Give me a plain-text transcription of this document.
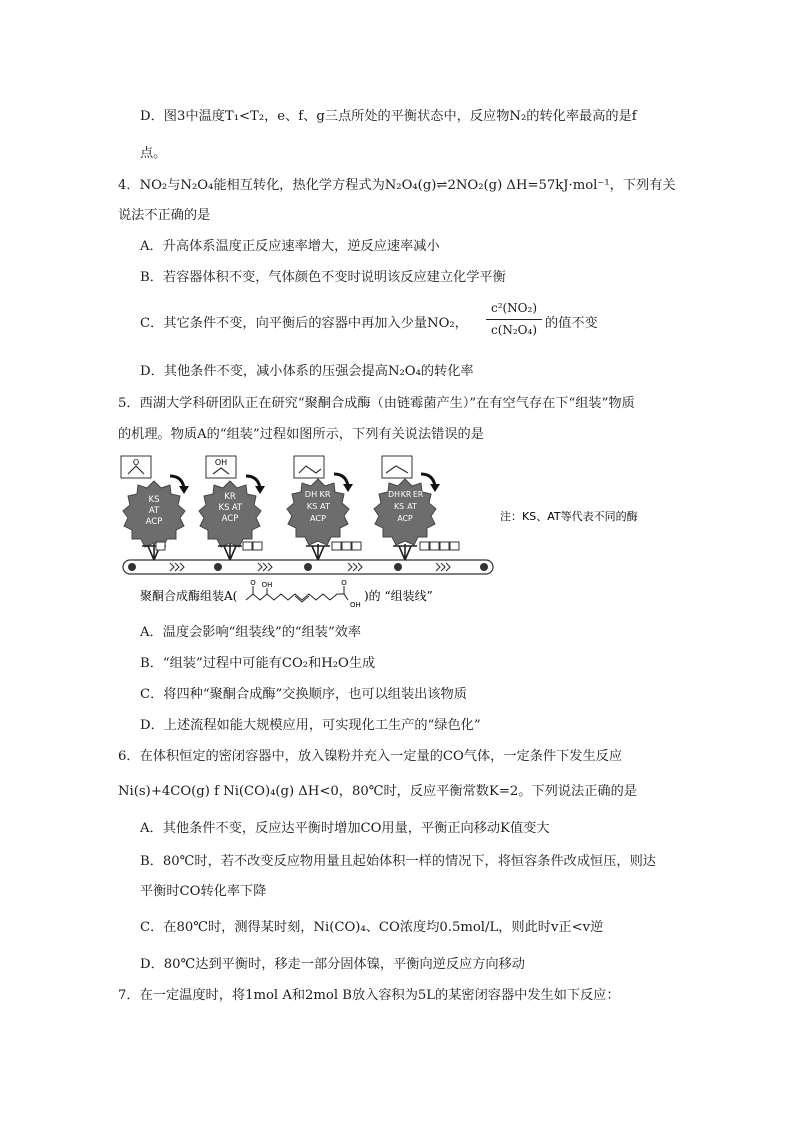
D．图3中温度T₁<T₂，e、f、g三点所处的平衡状态中，反应物N₂的转化率最高的是f
点。
4．NO₂与N₂O₄能相互转化，热化学方程式为N₂O₄(g)⇌2NO₂(g) ΔH=57kJ·mol⁻¹，下列有关
说法不正确的是
A．升高体系温度正反应速率增大，逆反应速率减小
B．若容器体积不变，气体颜色不变时说明该反应建立化学平衡
C．其它条件不变，向平衡后的容器中再加入少量NO₂，
c²(NO₂)
c(N₂O₄) 的值不变
D．其他条件不变，减小体系的压强会提高N₂O₄的转化率
5．西湖大学科研团队正在研究“聚酮合成酶（由链霉菌产生）”在有空气存在下“组装”物质
的机理。物质A的“组装”过程如图所示，下列有关说法错误的是
O
KS
AT
ACP
OH
KR
KS AT
ACP
DH KR
KS AT
ACP
DH KR ER
KS AT
ACP	注：KS、AT等代表不同的酶
聚酮合成酶组装A(
O OH	O
OH
)的 “组装线”
A．温度会影响“组装线”的“组装”效率
B．“组装”过程中可能有CO₂和H₂O生成
C．将四种“聚酮合成酶”交换顺序，也可以组装出该物质
D．上述流程如能大规模应用，可实现化工生产的“绿色化”
6．在体积恒定的密闭容器中，放入镍粉并充入一定量的CO气体，一定条件下发生反应
Ni(s)+4CO(g) f Ni(CO)₄(g) ΔH<0，80℃时，反应平衡常数K=2。下列说法正确的是
A．其他条件不变，反应达平衡时增加CO用量，平衡正向移动K值变大
B．80℃时，若不改变反应物用量且起始体积一样的情况下，将恒容条件改成恒压，则达
平衡时CO转化率下降
C．在80℃时，测得某时刻，Ni(CO)₄、CO浓度均0.5mol/L，则此时v正<v逆
D．80℃达到平衡时，移走一部分固体镍，平衡向逆反应方向移动
7．在一定温度时，将1mol A和2mol B放入容积为5L的某密闭容器中发生如下反应：
